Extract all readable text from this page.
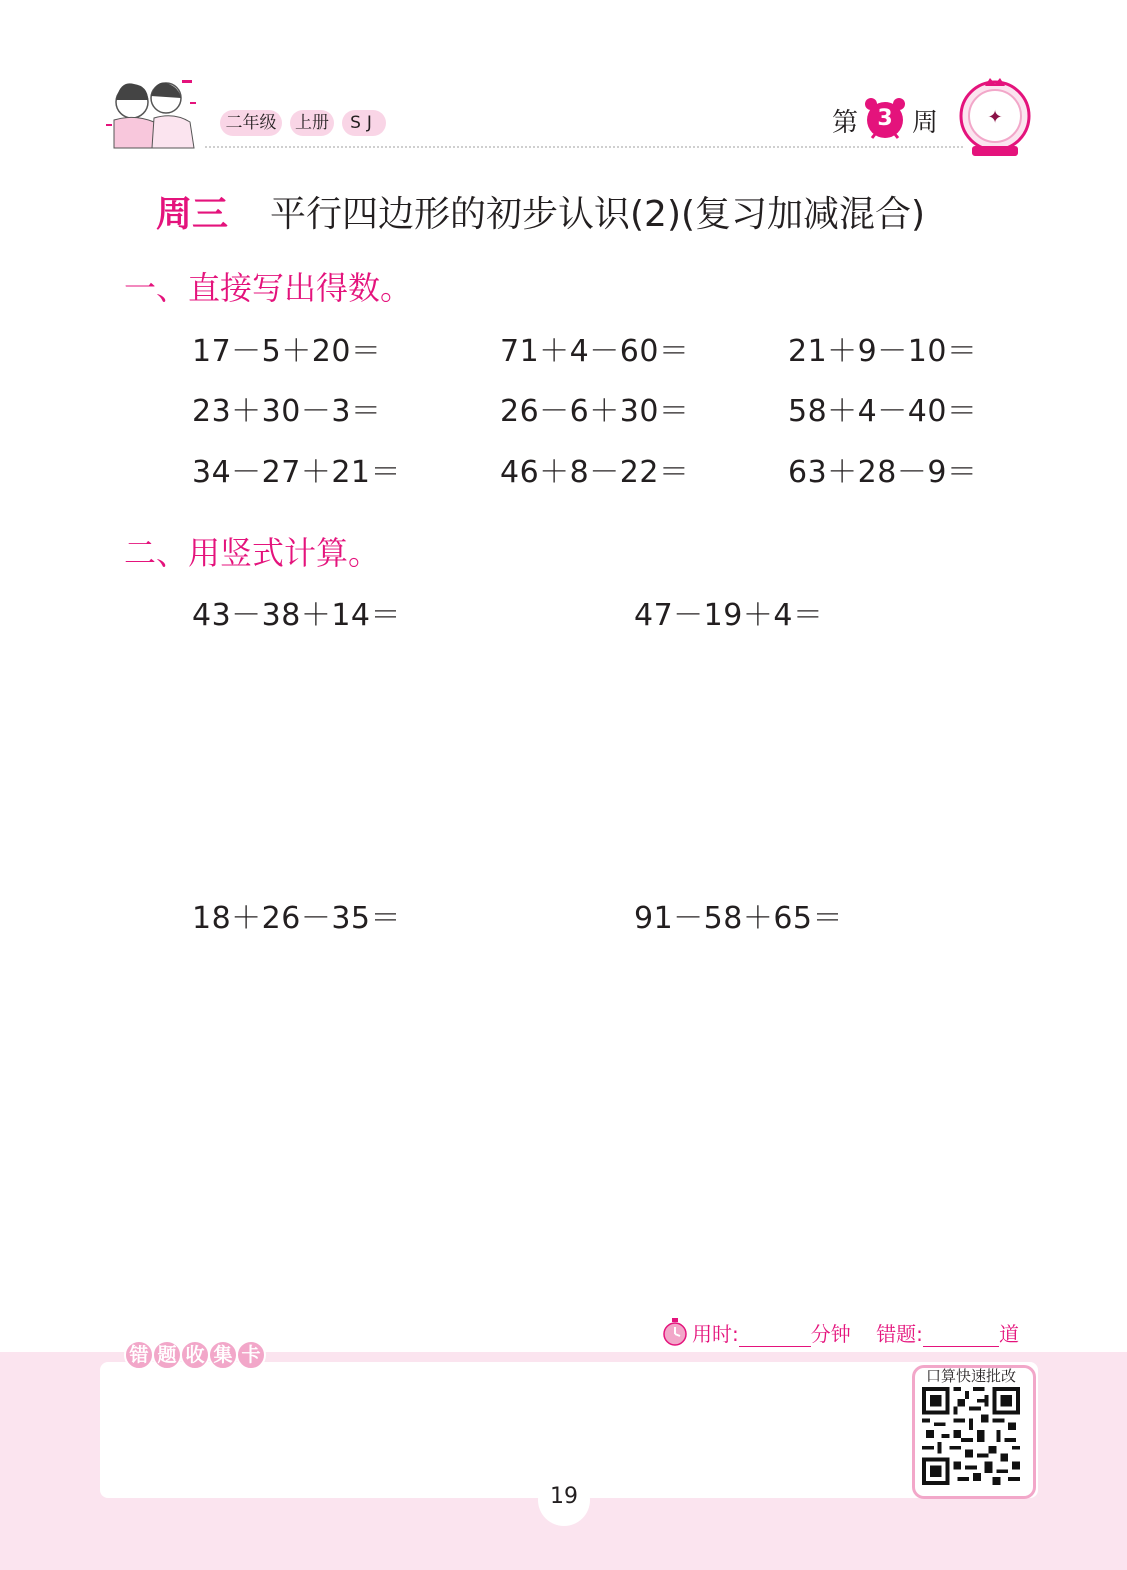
二年级	上册	SJ	第 3 周	✦
周三 平行四边形的初步认识(2)(复习加减混合)
一、直接写出得数。
17－5＋20＝	71＋4－60＝	21＋9－10＝
23＋30－3＝	26－6＋30＝	58＋4－40＝
34－27＋21＝	46＋8－22＝	63＋28－9＝
二、用竖式计算。
43－38＋14＝	47－19＋4＝
18＋26－35＝	91－58＋65＝
错 题 收 集 卡
用时:	分钟 错题:	道
口算快速批改
19
